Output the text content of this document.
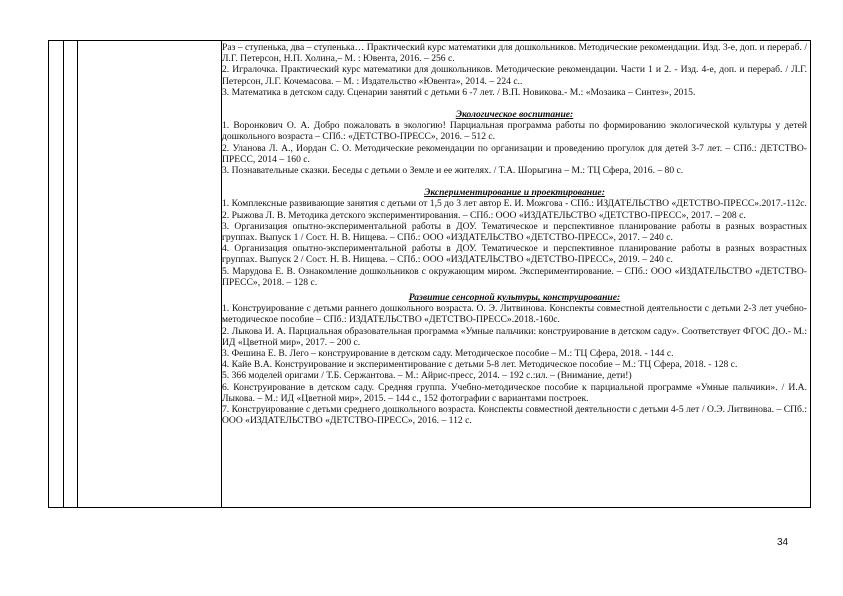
Раз – ступенька, два – ступенька… Практический курс математики для дошкольников. Методические рекомендации. Изд. 3-е, доп. и перераб. / Л.Г. Петерсон, Н.П. Холина,– М. : Ювента, 2016. – 256 с.

2. Игралочка. Практический курс математики для дошкольников. Методические рекомендации. Части 1 и 2. - Изд. 4-е, доп. и перераб. / Л.Г. Петерсон, Л.Г. Кочемасова. – М. : Издательство «Ювента», 2014. – 224 с..

3. Математика в детском саду. Сценарии занятий с детьми 6 -7 лет. / В.П. Новикова.- М.: «Мозаика – Синтез», 2015.

Экологическое воспитание:

1. Воронкович О. А. Добро пожаловать в экологию! Парциальная программа работы по формированию экологической культуры у детей дошкольного возраста – СПб.: «ДЕТСТВО-ПРЕСС», 2016. – 512 с.

2. Уланова Л. А., Иордан С. О. Методические рекомендации по организации и проведению прогулок для детей 3-7 лет. – СПб.: ДЕТСТВО-ПРЕСС, 2014 – 160 с.

3. Познавательные сказки. Беседы с детьми о Земле и ее жителях. / Т.А. Шорыгина – М.: ТЦ Сфера, 2016. – 80 с.

Экспериментирование и проектирование:

1. Комплексные развивающие занятия с детьми от 1,5 до 3 лет автор Е. И. Можгова - СПб.: ИЗДАТЕЛЬСТВО «ДЕТСТВО-ПРЕСС».2017.-112с.

2. Рыжова Л. В. Методика детского экспериментирования. – СПб.: ООО «ИЗДАТЕЛЬСТВО «ДЕТСТВО-ПРЕСС», 2017. – 208 с.

3. Организация опытно-экспериментальной работы в ДОУ. Тематическое и перспективное планирование работы в разных возрастных группах. Выпуск 1 / Сост. Н. В. Нищева. – СПб.: ООО «ИЗДАТЕЛЬСТВО «ДЕТСТВО-ПРЕСС», 2017. – 240 с.

4. Организация опытно-экспериментальной работы в ДОУ. Тематическое и перспективное планирование работы в разных возрастных группах. Выпуск 2 / Сост. Н. В. Нищева. – СПб.: ООО «ИЗДАТЕЛЬСТВО «ДЕТСТВО-ПРЕСС», 2019. – 240 с.

5. Марудова Е. В. Ознакомление дошкольников с окружающим миром. Экспериментирование. – СПб.: ООО «ИЗДАТЕЛЬСТВО «ДЕТСТВО-ПРЕСС», 2018. – 128 с.

Развитие сенсорной культуры, конструирование:

1. Конструирование с детьми раннего дошкольного возраста. О. Э. Литвинова. Конспекты совместной деятельности с детьми 2-3 лет учебно-методическое пособие – СПб.: ИЗДАТЕЛЬСТВО «ДЕТСТВО-ПРЕСС».2018.-160с.

2. Лыкова И. А. Парциальная образовательная программа «Умные пальчики: конструирование в детском саду». Соответствует ФГОС ДО.- М.: ИД «Цветной мир», 2017. – 200 с.

3. Фешина Е. В. Лего – конструирование в детском саду. Методическое пособие – М.: ТЦ Сфера, 2018. - 144 с.

4. Кайе В.А. Конструирование и экспериментирование с детьми 5-8 лет. Методическое пособие – М.: ТЦ Сфера, 2018. - 128 с.

5. 366 моделей оригами / Т.Б. Сержантова. – М.: Айрис-пресс, 2014. – 192 с.:ил. – (Внимание, дети!)

6. Конструирование в детском саду. Средняя группа. Учебно-методическое пособие к парциальной программе «Умные пальчики». / И.А. Лыкова. – М.: ИД «Цветной мир», 2015. – 144 с., 152 фотографии с вариантами построек.

7. Конструирование с детьми среднего дошкольного возраста. Конспекты совместной деятельности с детьми 4-5 лет / О.Э. Литвинова. – СПб.: ООО «ИЗДАТЕЛЬСТВО «ДЕТСТВО-ПРЕСС», 2016. – 112 с.

34
